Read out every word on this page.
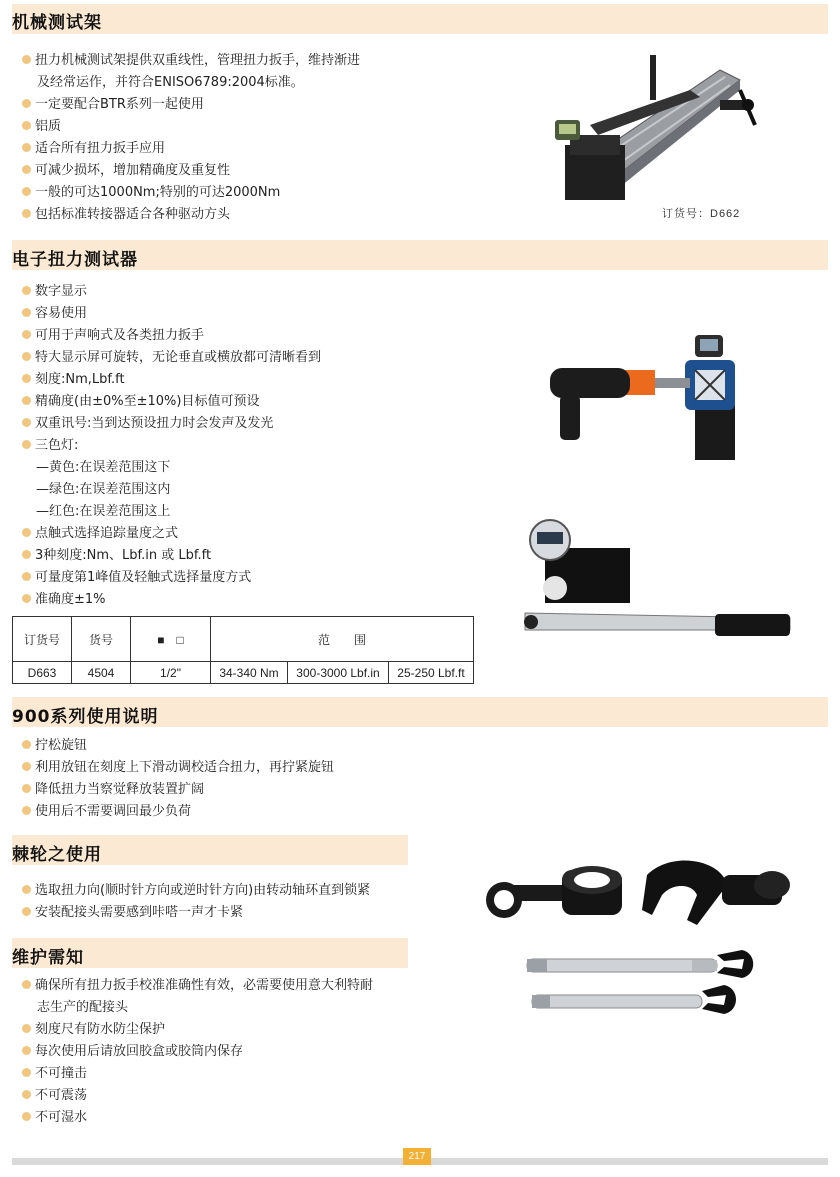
机械测试架
扭力机械测试架提供双重线性，管理扭力扳手，维持渐进
及经常运作，并符合ENISO6789:2004标准。
一定要配合BTR系列一起使用
铝质
适合所有扭力扳手应用
可减少损坏，增加精确度及重复性
一般的可达1000Nm;特别的可达2000Nm
包括标准转接器适合各种驱动方头	订货号：D662
电子扭力测试器
数字显示
容易使用
可用于声响式及各类扭力扳手
特大显示屏可旋转，无论垂直或横放都可清晰看到
刻度:Nm,Lbf.ft
精确度(由±0%至±10%)目标值可预设
双重讯号:当到达预设扭力时会发声及发光
三色灯:
—黄色:在误差范围这下
—绿色:在误差范围这内
—红色:在误差范围这上
点触式选择追踪量度之式
3种刻度:Nm、Lbf.in 或 Lbf.ft
可量度第1峰值及轻触式选择量度方式
准确度±1%
订货号	货号	■　□	范　　围		
D663	4504	1/2"	34-340 Nm	300-3000 Lbf.in	25-250 Lbf.ft
900系列使用说明
拧松旋钮
利用放钮在刻度上下滑动调校适合扭力，再拧紧旋钮
降低扭力当察觉释放装置扩阔
使用后不需要调回最少负荷
棘轮之使用
选取扭力向(顺时针方向或逆时针方向)由转动轴环直到锁紧
安装配接头需要感到咔嗒一声才卡紧
维护需知
确保所有扭力扳手校准准确性有效，必需要使用意大利特耐
志生产的配接头
刻度尺有防水防尘保护
每次使用后请放回胶盒或胶筒内保存
不可撞击
不可震荡
不可湿水
217
